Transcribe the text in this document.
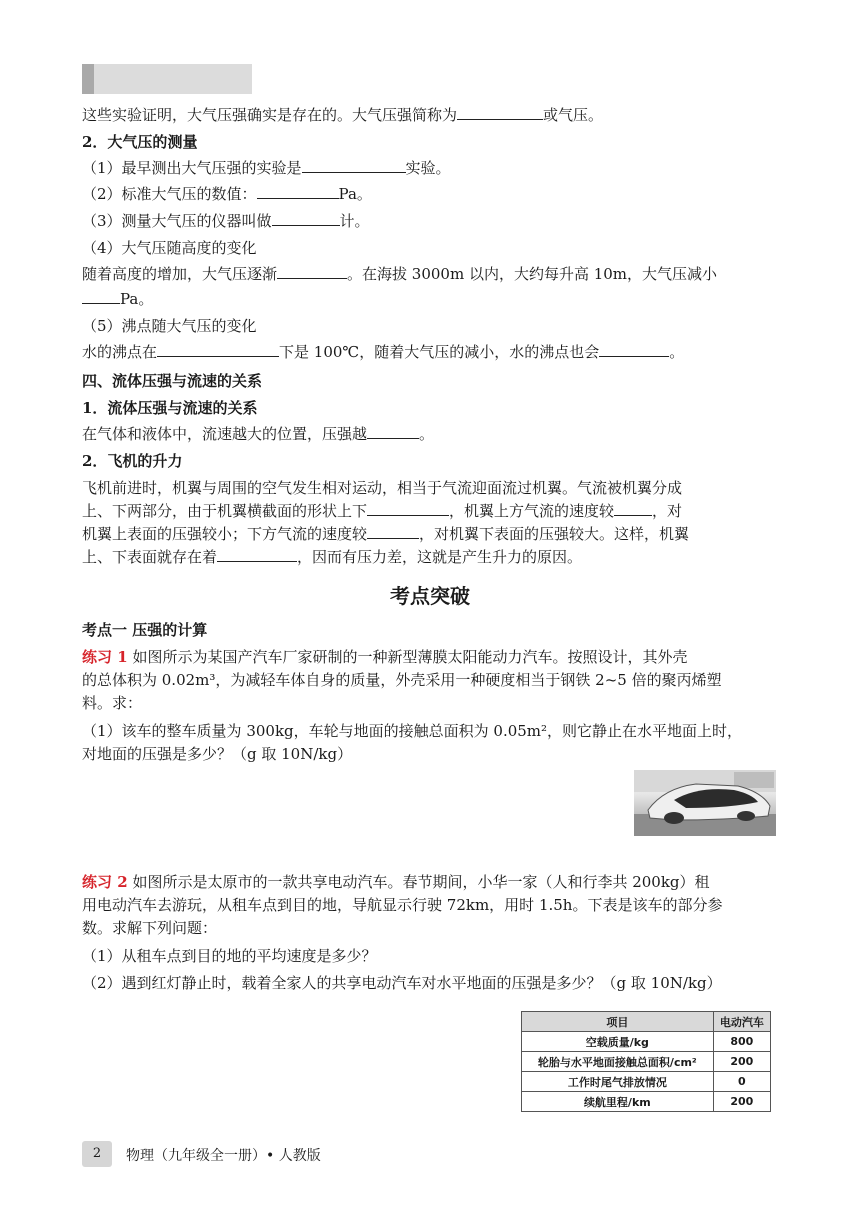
这些实验证明，大气压强确实是存在的。大气压强简称为	或气压。
2．大气压的测量
（1）最早测出大气压强的实验是	实验。
（2）标准大气压的数值：	Pa。
（3）测量大气压的仪器叫做	计。
（4）大气压随高度的变化
随着高度的增加，大气压逐渐	。在海拔 3000m 以内，大约每升高 10m，大气压减小
Pa。
（5）沸点随大气压的变化
水的沸点在	下是 100℃，随着大气压的减小，水的沸点也会	。
四、流体压强与流速的关系
1．流体压强与流速的关系
在气体和液体中，流速越大的位置，压强越	。
2．飞机的升力
飞机前进时，机翼与周围的空气发生相对运动，相当于气流迎面流过机翼。气流被机翼分成
上、下两部分，由于机翼横截面的形状上下	，机翼上方气流的速度较	，对
机翼上表面的压强较小；下方气流的速度较	，对机翼下表面的压强较大。这样，机翼
上、下表面就存在着	，因而有压力差，这就是产生升力的原因。
考点突破
考点一 压强的计算
练习 1 如图所示为某国产汽车厂家研制的一种新型薄膜太阳能动力汽车。按照设计，其外壳
的总体积为 0.02m³，为减轻车体自身的质量，外壳采用一种硬度相当于钢铁 2~5 倍的聚丙烯塑
料。求：
（1）该车的整车质量为 300kg，车轮与地面的接触总面积为 0.05m²，则它静止在水平地面上时，
对地面的压强是多少？（g 取 10N/kg）
练习 2 如图所示是太原市的一款共享电动汽车。春节期间，小华一家（人和行李共 200kg）租
用电动汽车去游玩，从租车点到目的地，导航显示行驶 72km，用时 1.5h。下表是该车的部分参
数。求解下列问题：
（1）从租车点到目的地的平均速度是多少？
（2）遇到红灯静止时，载着全家人的共享电动汽车对水平地面的压强是多少？（g 取 10N/kg）
项目	电动汽车
空载质量/kg	800
轮胎与水平地面接触总面积/cm²	200
工作时尾气排放情况	0
续航里程/km	200
2	物理（九年级全一册）• 人教版
